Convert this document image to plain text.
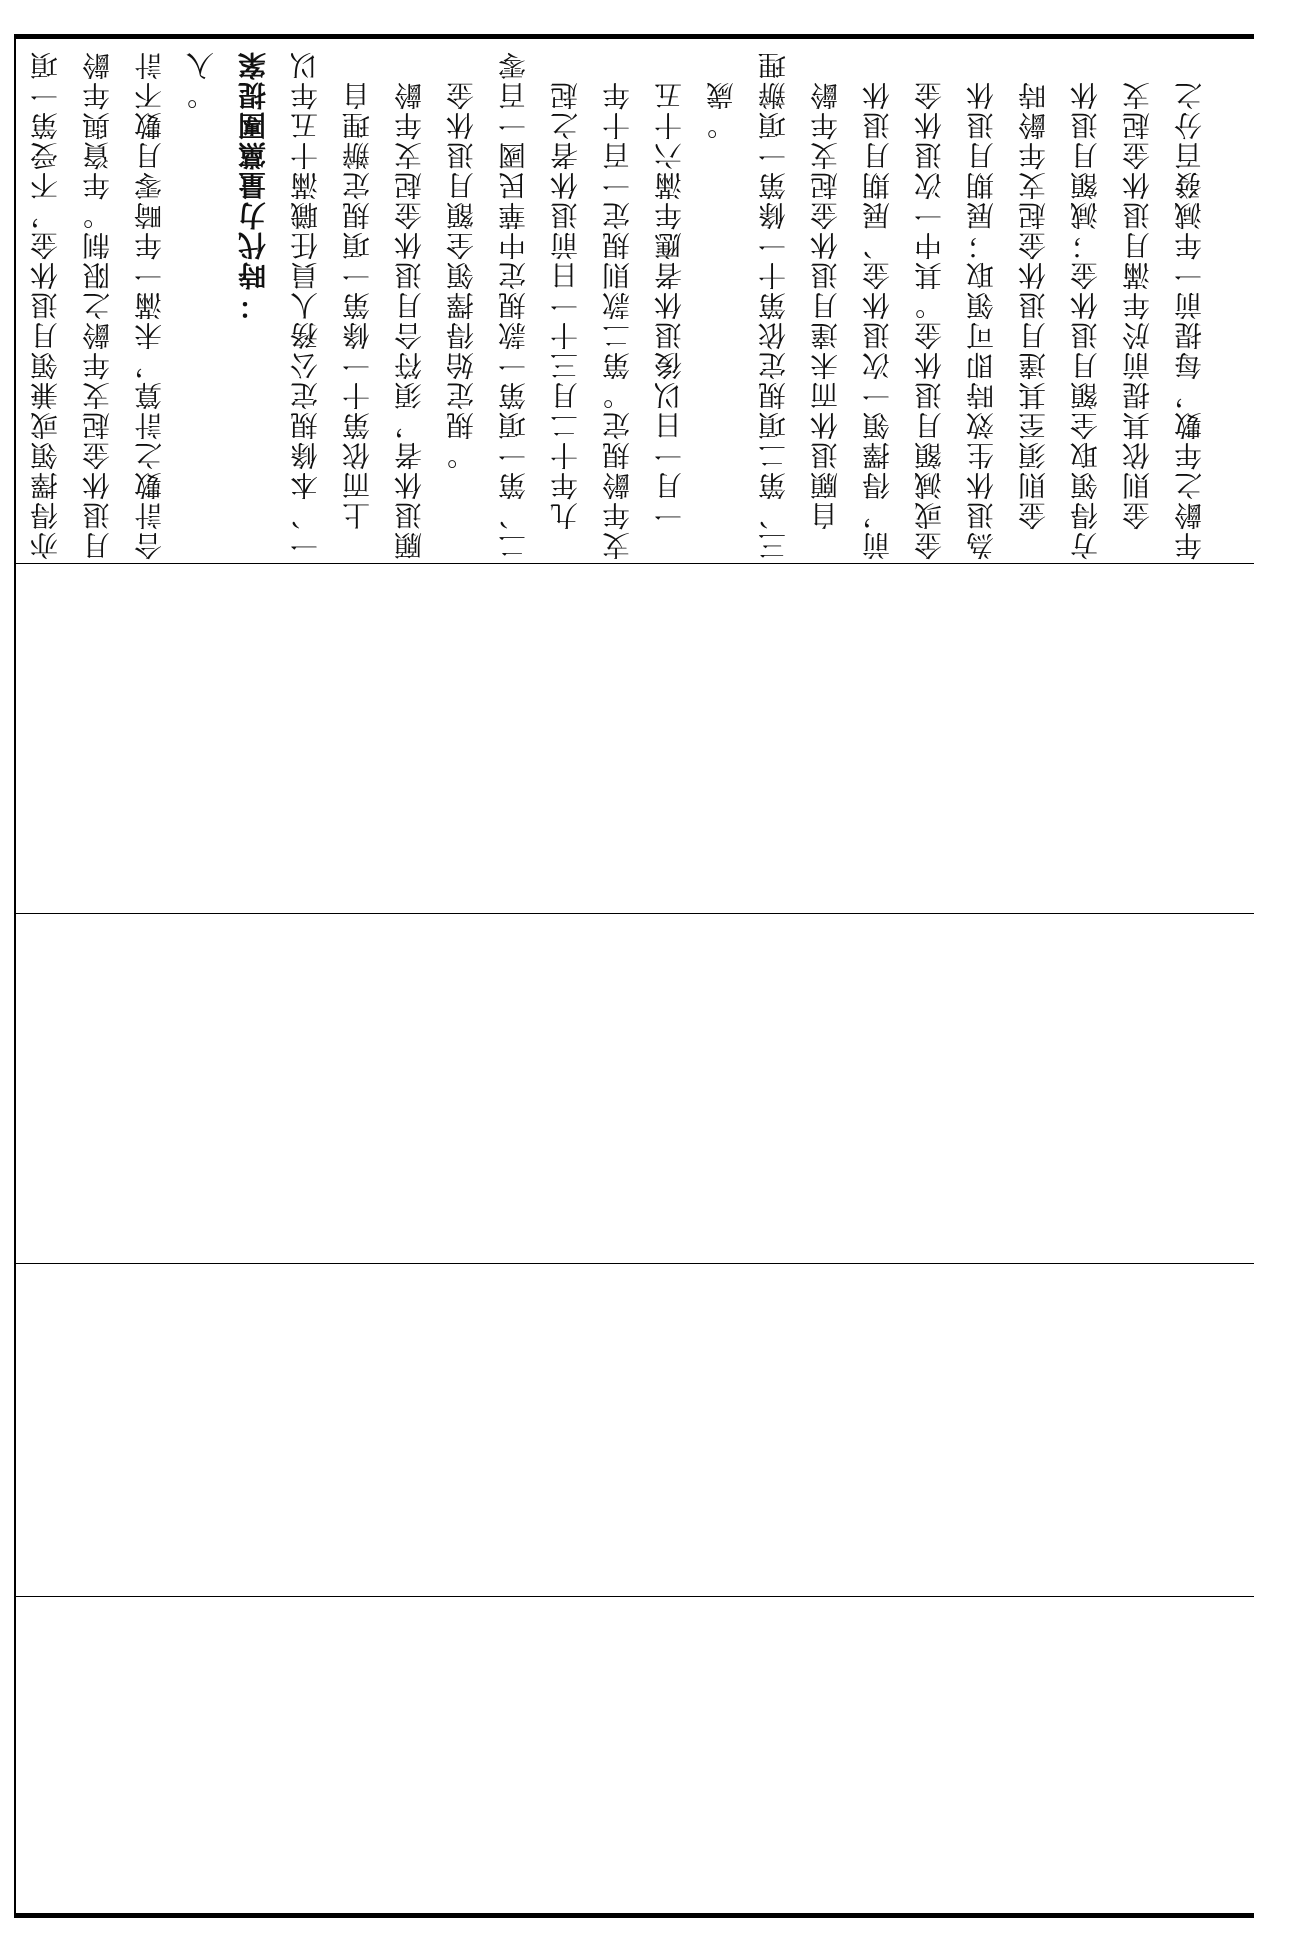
亦得擇領或兼領月退休金，不受第一項 月退休金起支年齡之限制。年資與年齡 合計數之計算，未滿一年畸零月數不計 入。
時代力量黨團提案： 一、本條規定公務人員任職滿十五年以 　上而依第十一條第一項規定辦理自
　願退休者，須符合月退休金起支年齡
　規定始得擇領全額月退休金。 二、第一項第一款規定中華民國一百零 　九年十二月三十一日前退休者之起
　支年齡規定。第二款則規定一百十年
　一月一日以後退休者應年滿六十五
　歲。 三、第二項規定依第十一條第一項辦理 　自願退休而未達月退休金起支年齡
　前，得擇領一次退休金、展期月退休
　金或減額月退休金。其中一次退休金
　為退休生效時即可領取；展期月退休
　金則須至其達月退休金起支年齡時
　方得領取全額月退休金；減額月退休
　金則依其提前於年滿月退休金起支
　年齡之年數，每提前一年減發百分之
